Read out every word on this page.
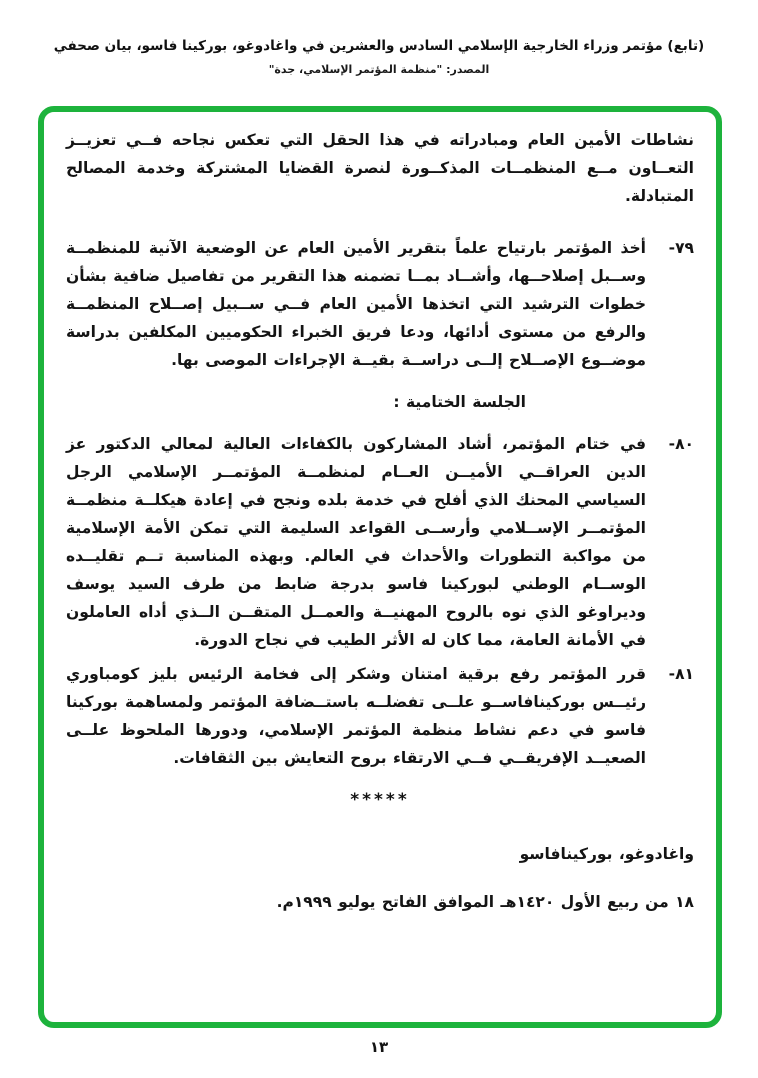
(تابع) مؤتمر وزراء الخارجية الإسلامي السادس والعشرين في واغادوغو، بوركينا فاسو، بيان صحفي
المصدر: "منظمة المؤتمر الإسلامي، جدة"

نشاطات الأمين العام ومبادراته في هذا الحقل التي تعكس نجاحه فــي تعزيــز التعــاون مــع المنظمــات المذكــورة لنصرة القضايا المشتركة وخدمة المصالح المتبادلة.

٧٩-
أخذ المؤتمر بارتياح علماً بتقرير الأمين العام عن الوضعية الآنية للمنظمــة وســبل إصلاحــها، وأشــاد بمــا تضمنه هذا التقرير من تفاصيل ضافية بشأن خطوات الترشيد التي اتخذها الأمين العام فــي ســبيل إصــلاح المنظمــة والرفع من مستوى أدائها، ودعا فريق الخبراء الحكوميين المكلفين بدراسة موضــوع الإصــلاح إلــى دراســة بقيــة الإجراءات الموصى بها.
الجلسة الختامية :
٨٠-
في ختام المؤتمر، أشاد المشاركون بالكفاءات العالية لمعالي الدكتور عز الدين العراقــي الأميــن العــام لمنظمــة المؤتمــر الإسلامي الرجل السياسي المحنك الذي أفلح في خدمة بلده ونجح في إعادة هيكلــة منظمــة المؤتمــر الإســلامي وأرســى القواعد السليمة التي تمكن الأمة الإسلامية من مواكبة التطورات والأحداث في العالم. وبهذه المناسبة تــم تقليــده الوســام الوطني لبوركينا فاسو بدرجة ضابط من طرف السيد يوسف وديراوغو الذي نوه بالروح المهنيــة والعمــل المتقــن الــذي أداه العاملون في الأمانة العامة، مما كان له الأثر الطيب في نجاح الدورة.
٨١-
قرر المؤتمر رفع برقية امتنان وشكر إلى فخامة الرئيس بليز كومباوري رئيــس بوركينافاســو علــى تفضلــه باستــضافة المؤتمر ولمساهمة بوركينا فاسو في دعم نشاط منظمة المؤتمر الإسلامي، ودورها الملحوظ علــى الصعيــد الإفريقــي فــي الارتقاء بروح التعايش بين الثقافات.
*****
واغادوغو، بوركينافاسو
١٨ من ربيع الأول ١٤٢٠هـ الموافق الفاتح يوليو ١٩٩٩م.
١٣
